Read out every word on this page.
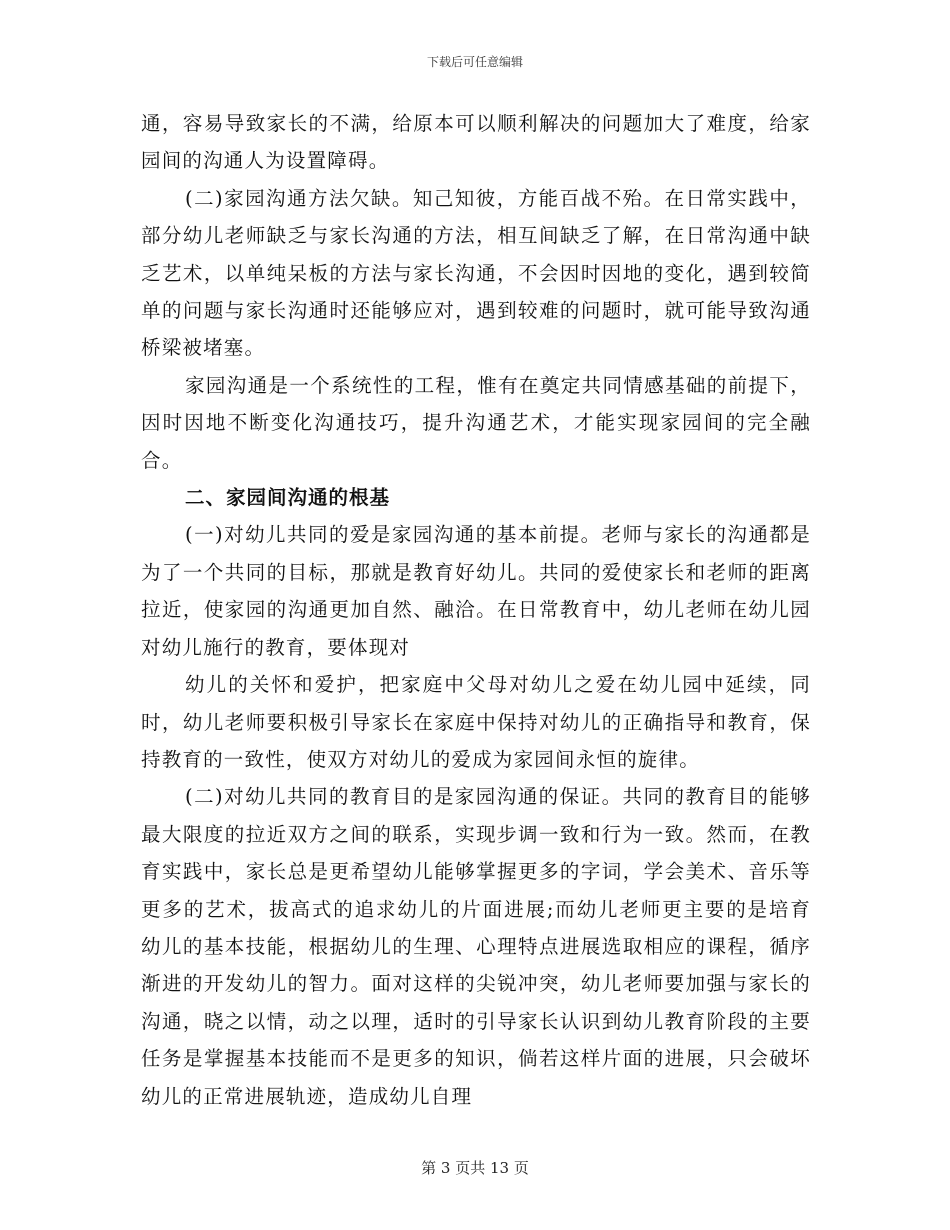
下载后可任意编辑

通，容易导致家长的不满，给原本可以顺利解决的问题加大了难度，给家园间的沟通人为设置障碍。

(二)家园沟通方法欠缺。知己知彼，方能百战不殆。在日常实践中，部分幼儿老师缺乏与家长沟通的方法，相互间缺乏了解，在日常沟通中缺乏艺术，以单纯呆板的方法与家长沟通，不会因时因地的变化，遇到较简单的问题与家长沟通时还能够应对，遇到较难的问题时，就可能导致沟通桥梁被堵塞。

家园沟通是一个系统性的工程，惟有在奠定共同情感基础的前提下，因时因地不断变化沟通技巧，提升沟通艺术，才能实现家园间的完全融合。

二、家园间沟通的根基

(一)对幼儿共同的爱是家园沟通的基本前提。老师与家长的沟通都是为了一个共同的目标，那就是教育好幼儿。共同的爱使家长和老师的距离拉近，使家园的沟通更加自然、融洽。在日常教育中，幼儿老师在幼儿园对幼儿施行的教育，要体现对

幼儿的关怀和爱护，把家庭中父母对幼儿之爱在幼儿园中延续，同时，幼儿老师要积极引导家长在家庭中保持对幼儿的正确指导和教育，保持教育的一致性，使双方对幼儿的爱成为家园间永恒的旋律。

(二)对幼儿共同的教育目的是家园沟通的保证。共同的教育目的能够最大限度的拉近双方之间的联系，实现步调一致和行为一致。然而，在教育实践中，家长总是更希望幼儿能够掌握更多的字词，学会美术、音乐等更多的艺术，拔高式的追求幼儿的片面进展;而幼儿老师更主要的是培育幼儿的基本技能，根据幼儿的生理、心理特点进展选取相应的课程，循序渐进的开发幼儿的智力。面对这样的尖锐冲突，幼儿老师要加强与家长的沟通，晓之以情，动之以理，适时的引导家长认识到幼儿教育阶段的主要任务是掌握基本技能而不是更多的知识，倘若这样片面的进展，只会破坏幼儿的正常进展轨迹，造成幼儿自理

第 3 页共 13 页
